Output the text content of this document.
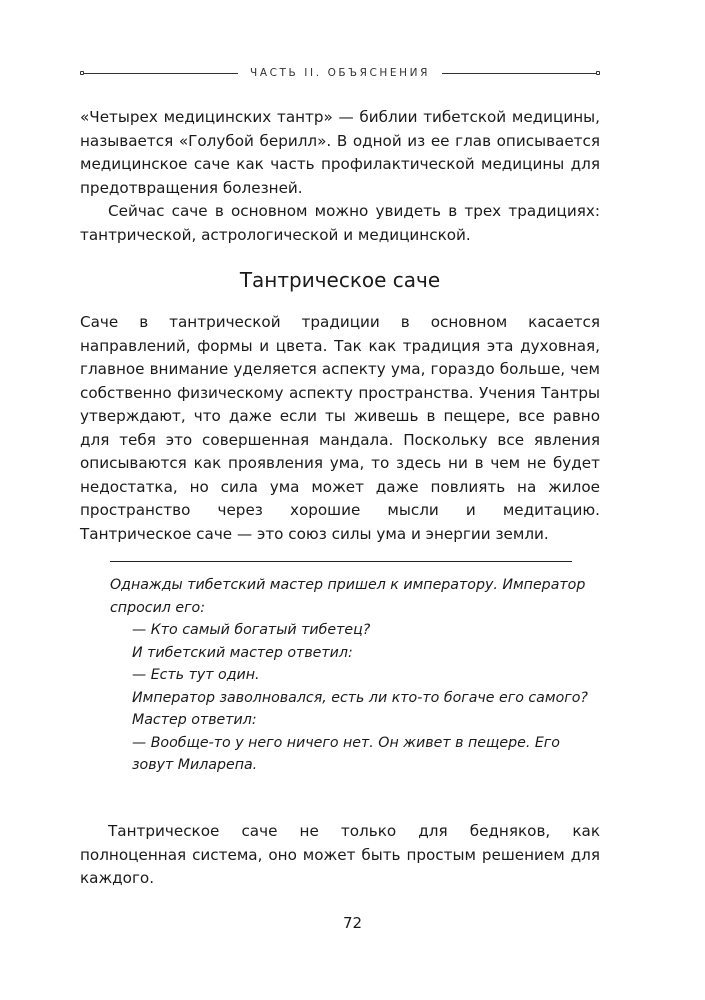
ЧАСТЬ II. ОБЪЯСНЕНИЯ

«Четырех медицинских тантр» — библии тибетской медицины, называется «Голубой берилл». В одной из ее глав описывается медицинское саче как часть профилактической медицины для предотвращения болезней.

Сейчас саче в основном можно увидеть в трех традициях: тантрической, астрологической и медицинской.

Тантрическое саче

Саче в тантрической традиции в основном касается направлений, формы и цвета. Так как традиция эта духовная, главное внимание уделяется аспекту ума, гораздо больше, чем собственно физическому аспекту пространства. Учения Тантры утверждают, что даже если ты живешь в пещере, все равно для тебя это совершенная мандала. Поскольку все явления описываются как проявления ума, то здесь ни в чем не будет недостатка, но сила ума может даже повлиять на жилое пространство через хорошие мысли и медитацию. Тантрическое саче — это союз силы ума и энергии земли.

Однажды тибетский мастер пришел к императору. Император спросил его:

— Кто самый богатый тибетец?

И тибетский мастер ответил:

— Есть тут один.

Император заволновался, есть ли кто-то богаче его самого?

Мастер ответил:

— Вообще-то у него ничего нет. Он живет в пещере. Его зовут Миларепа.

Тантрическое саче не только для бедняков, как полноценная система, оно может быть простым решением для каждого.

72
